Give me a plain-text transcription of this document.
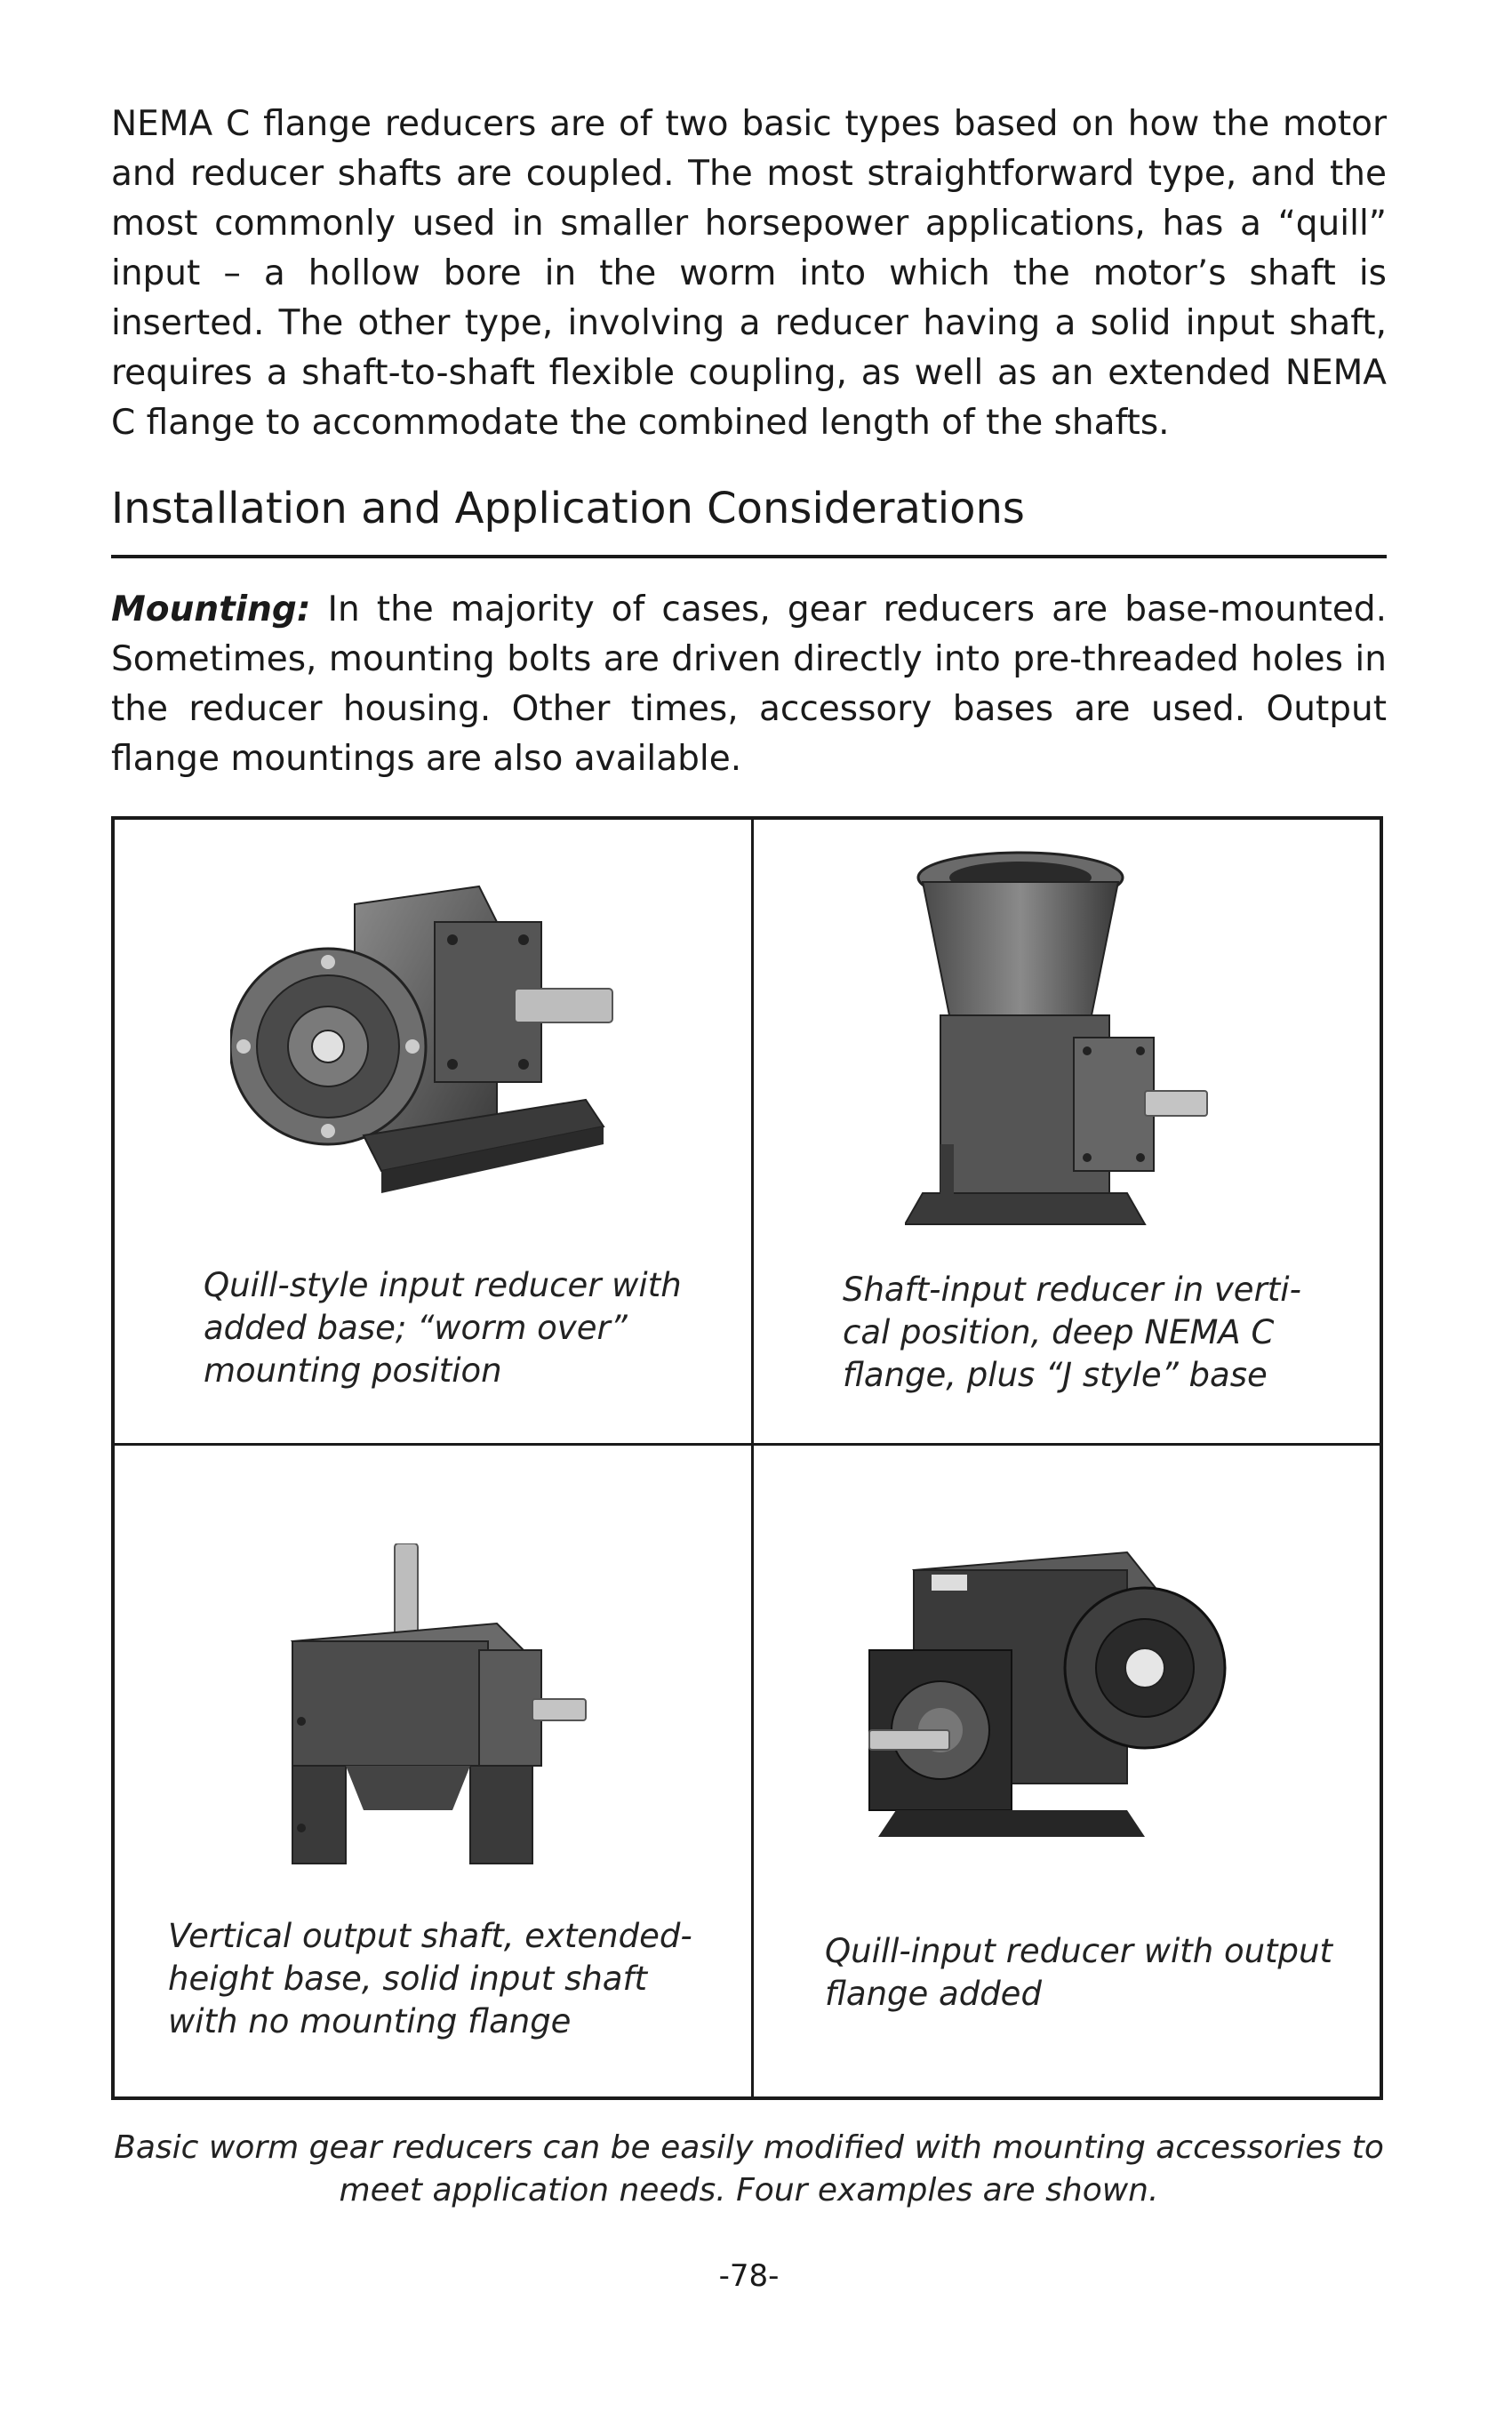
NEMA C flange reducers are of two basic types based on how the motor and reducer shafts are coupled. The most straightforward type, and the most commonly used in smaller horsepower applications, has a “quill” input – a hollow bore in the worm into which the motor’s shaft is inserted. The other type, involving a reducer having a solid input shaft, requires a shaft-to-shaft flexible coupling, as well as an extended NEMA C flange to accommodate the combined length of the shafts.

Installation and Application Considerations

Mounting: In the majority of cases, gear reducers are base-mounted. Sometimes, mounting bolts are driven directly into pre-threaded holes in the reducer housing. Other times, accessory bases are used. Output flange mountings are also available.

Quill-style input reducer with added base; “worm over” mounting position

Shaft-input reducer in verti-cal position, deep NEMA C flange, plus “J style” base

Vertical output shaft, extended-height base, solid input shaft with no mounting flange

Quill-input reducer with output flange added

Basic worm gear reducers can be easily modified with mounting accessories to meet application needs. Four examples are shown.

-78-
